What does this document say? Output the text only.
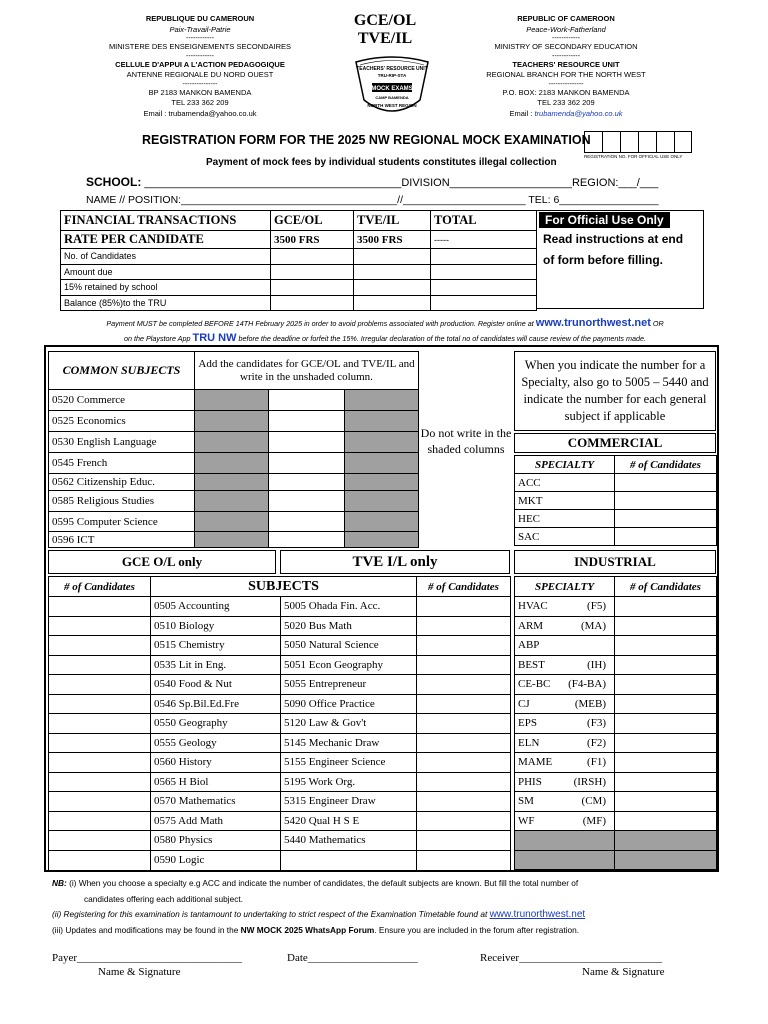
REPUBLIQUE DU CAMEROUN
Paix-Travail-Patrie
------------
MINISTERE DES ENSEIGNEMENTS SECONDAIRES
------------
CELLULE D'APPUI A L'ACTION PEDAGOGIQUE
ANTENNE REGIONALE DU NORD OUEST
---------------
BP 2183 MANKON BAMENDA
TEL 233 362 209
Email : trubamenda@yahoo.co.uk
GCE/OL
TVE/IL
TEACHERS' RESOURCE UNIT
TRU-RIP-STA
MOCK EXAMS
CAMP BAMENDA
NORTH WEST REGION
REPUBLIC OF CAMEROON
Peace-Work-Fatherland
------------
MINISTRY OF SECONDARY EDUCATION
------------
TEACHERS' RESOURCE UNIT
REGIONAL BRANCH FOR THE NORTH WEST
---------------
P.O. BOX: 2183 MANKON BAMENDA
TEL 233 362 209
Email : trubamenda@yahoo.co.uk
REGISTRATION FORM FOR THE 2025 NW REGIONAL MOCK EXAMINATION
REGISTRATION NO. FOR OFFICIAL USE ONLY
Payment of mock fees by individual students constitutes illegal collection
SCHOOL: __________________________________________DIVISION____________________REGION:___/___
NAME // POSITION:_____________________________________//_____________________ TEL: 6_________________
FINANCIAL TRANSACTIONS	GCE/OL	TVE/IL	TOTAL
RATE PER CANDIDATE	3500 FRS	3500 FRS	-----
No. of Candidates			
Amount due			
15% retained by school			
Balance (85%)to the TRU			
For Official Use Only
Read instructions at end of form before filling.
Payment MUST be completed BEFORE 14TH February 2025 in order to avoid problems associated with production. Register online at www.trunorthwest.net OR
on the Playstore App TRU NW before the deadline or forfeit the 15%. Irregular declaration of the total no of candidates will cause review of the payments made.
COMMON SUBJECTS	Add the candidates for GCE/OL and TVE/IL and write in the unshaded column.		
0520 Commerce			
0525 Economics			
0530 English Language			
0545 French			
0562 Citizenship Educ.			
0585 Religious Studies			
0595 Computer Science			
0596 ICT			
Do not write in the shaded columns
When you indicate the number for a Specialty, also go to 5005 – 5440 and indicate the number for each general subject if applicable
COMMERCIAL
SPECIALTY	# of Candidates
ACC	
MKT	
HEC	
SAC	
GCE O/L only	TVE I/L only	INDUSTRIAL
# of Candidates	SUBJECTS		# of Candidates
	0505 Accounting	5005 Ohada Fin. Acc.	
	0510 Biology	5020 Bus Math	
	0515 Chemistry	5050 Natural Science	
	0535 Lit in Eng.	5051 Econ Geography	
	0540 Food & Nut	5055 Entrepreneur	
	0546 Sp.Bil.Ed.Fre	5090 Office Practice	
	0550 Geography	5120 Law & Gov't	
	0555 Geology	5145 Mechanic Draw	
	0560 History	5155 Engineer Science	
	0565 H Biol	5195 Work Org.	
	0570 Mathematics	5315 Engineer Draw	
	0575 Add Math	5420 Qual H S E	
	0580 Physics	5440 Mathematics	
	0590 Logic		
SPECIALTY	# of Candidates
HVAC (F5)	

ARM (MA)	

ABP

BEST (IH)	

CE-BC (F4-BA)	

CJ (MEB)	

EPS (F3)	

ELN (F2)	

MAME (F1)	

PHIS (IRSH)	

SM (CM)	

WF (MF)	

NB: (i) When you choose a specialty e.g ACC and indicate the number of candidates, the default subjects are known. But fill the total number of
candidates offering each additional subject.
(ii) Registering for this examination is tantamount to undertaking to strict respect of the Examination Timetable found at www.trunorthwest.net
(iii) Updates and modifications may be found in the NW MOCK 2025 WhatsApp Forum. Ensure you are included in the forum after registration.
Payer______________________________
Name & Signature
Date____________________	Receiver__________________________
Name & Signature
